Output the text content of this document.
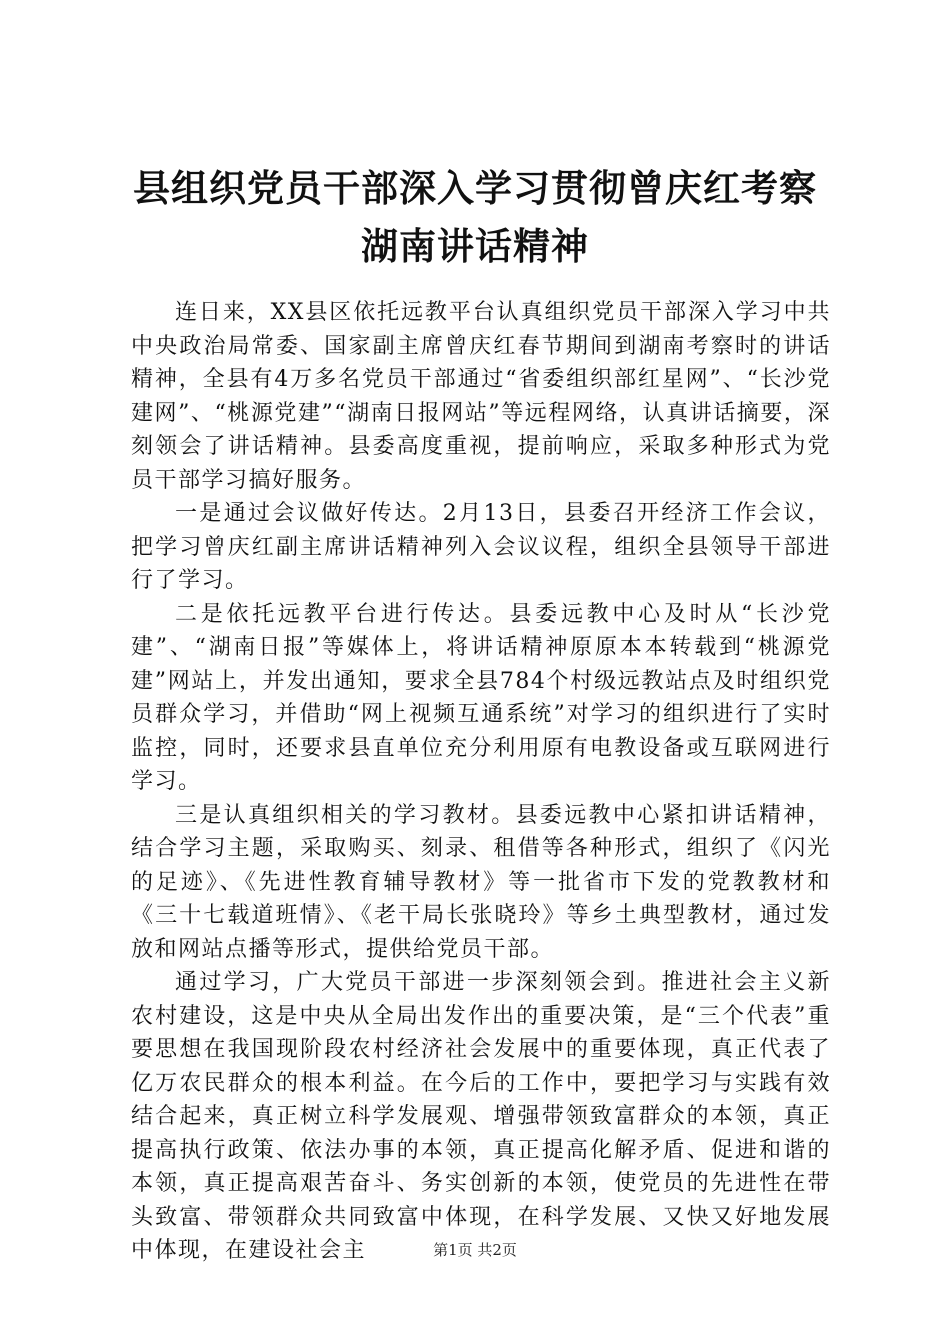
县组织党员干部深入学习贯彻曾庆红考察湖南讲话精神

连日来，XX县区依托远教平台认真组织党员干部深入学习中共中央政治局常委、国家副主席曾庆红春节期间到湖南考察时的讲话精神，全县有4万多名党员干部通过“省委组织部红星网”、“长沙党建网”、“桃源党建”“湖南日报网站”等远程网络，认真讲话摘要，深刻领会了讲话精神。县委高度重视，提前响应，采取多种形式为党员干部学习搞好服务。

一是通过会议做好传达。2月13日，县委召开经济工作会议，把学习曾庆红副主席讲话精神列入会议议程，组织全县领导干部进行了学习。

二是依托远教平台进行传达。县委远教中心及时从“长沙党建”、“湖南日报”等媒体上，将讲话精神原原本本转载到“桃源党建”网站上，并发出通知，要求全县784个村级远教站点及时组织党员群众学习，并借助“网上视频互通系统”对学习的组织进行了实时监控，同时，还要求县直单位充分利用原有电教设备或互联网进行学习。

三是认真组织相关的学习教材。县委远教中心紧扣讲话精神，结合学习主题，采取购买、刻录、租借等各种形式，组织了《闪光的足迹》、《先进性教育辅导教材》等一批省市下发的党教教材和《三十七载道班情》、《老干局长张晓玲》等乡土典型教材，通过发放和网站点播等形式，提供给党员干部。

通过学习，广大党员干部进一步深刻领会到。推进社会主义新农村建设，这是中央从全局出发作出的重要决策，是“三个代表”重要思想在我国现阶段农村经济社会发展中的重要体现，真正代表了亿万农民群众的根本利益。在今后的工作中，要把学习与实践有效结合起来，真正树立科学发展观、增强带领致富群众的本领，真正提高执行政策、依法办事的本领，真正提高化解矛盾、促进和谐的本领，真正提高艰苦奋斗、务实创新的本领，使党员的先进性在带头致富、带领群众共同致富中体现，在科学发展、又快又好地发展中体现，在建设社会主	第1页 共2页
